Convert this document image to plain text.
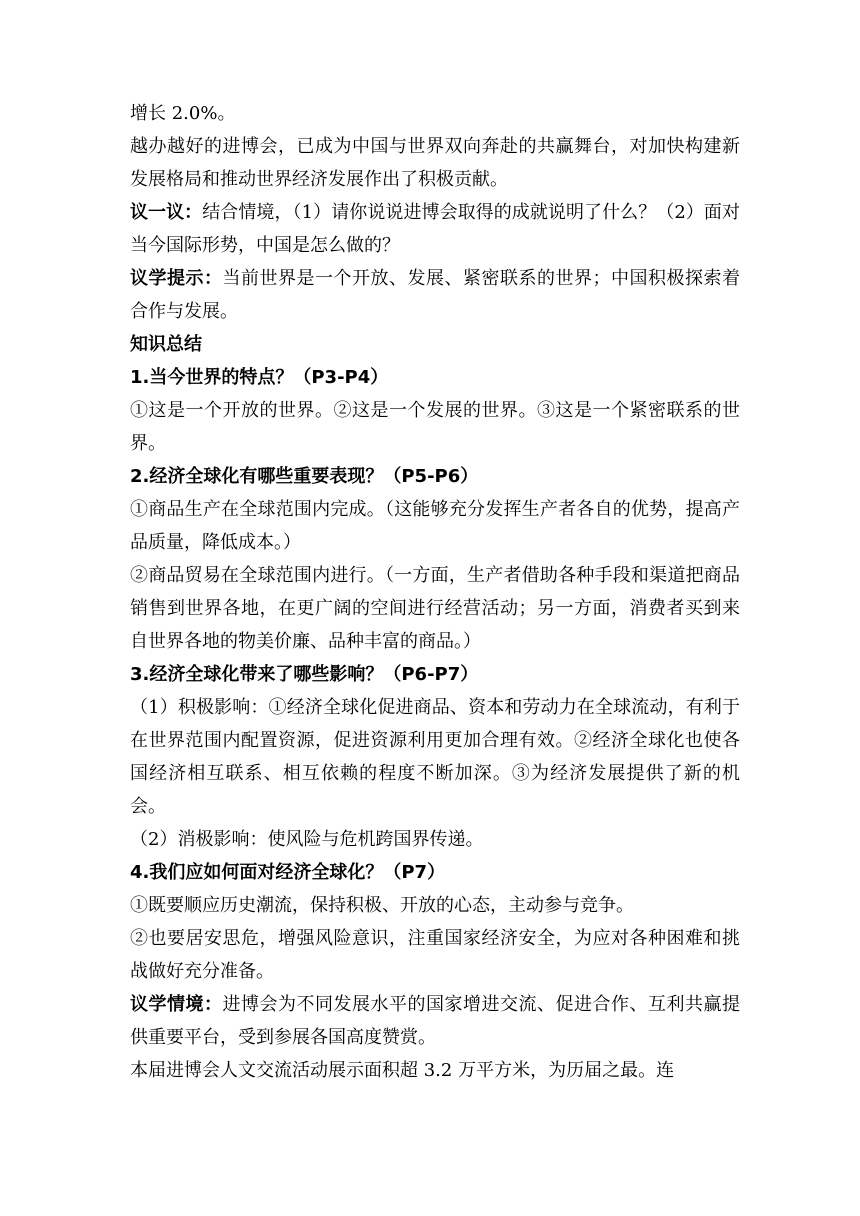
增长 2.0%。

越办越好的进博会，已成为中国与世界双向奔赴的共赢舞台，对加快构建新发展格局和推动世界经济发展作出了积极贡献。

议一议：结合情境，（1）请你说说进博会取得的成就说明了什么？（2）面对当今国际形势，中国是怎么做的？

议学提示：当前世界是一个开放、发展、紧密联系的世界；中国积极探索着合作与发展。

知识总结

1.当今世界的特点？（P3-P4）

①这是一个开放的世界。②这是一个发展的世界。③这是一个紧密联系的世界。

2.经济全球化有哪些重要表现？（P5-P6）

①商品生产在全球范围内完成。（这能够充分发挥生产者各自的优势，提高产品质量，降低成本。）

②商品贸易在全球范围内进行。（一方面，生产者借助各种手段和渠道把商品销售到世界各地，在更广阔的空间进行经营活动；另一方面，消费者买到来自世界各地的物美价廉、品种丰富的商品。）

3.经济全球化带来了哪些影响？（P6-P7）

（1）积极影响：①经济全球化促进商品、资本和劳动力在全球流动，有利于在世界范围内配置资源，促进资源利用更加合理有效。②经济全球化也使各国经济相互联系、相互依赖的程度不断加深。③为经济发展提供了新的机会。

（2）消极影响：使风险与危机跨国界传递。

4.我们应如何面对经济全球化？（P7）

①既要顺应历史潮流，保持积极、开放的心态，主动参与竞争。

②也要居安思危，增强风险意识，注重国家经济安全，为应对各种困难和挑战做好充分准备。

议学情境：进博会为不同发展水平的国家增进交流、促进合作、互利共赢提供重要平台，受到参展各国高度赞赏。

本届进博会人文交流活动展示面积超 3.2 万平方米，为历届之最。连
